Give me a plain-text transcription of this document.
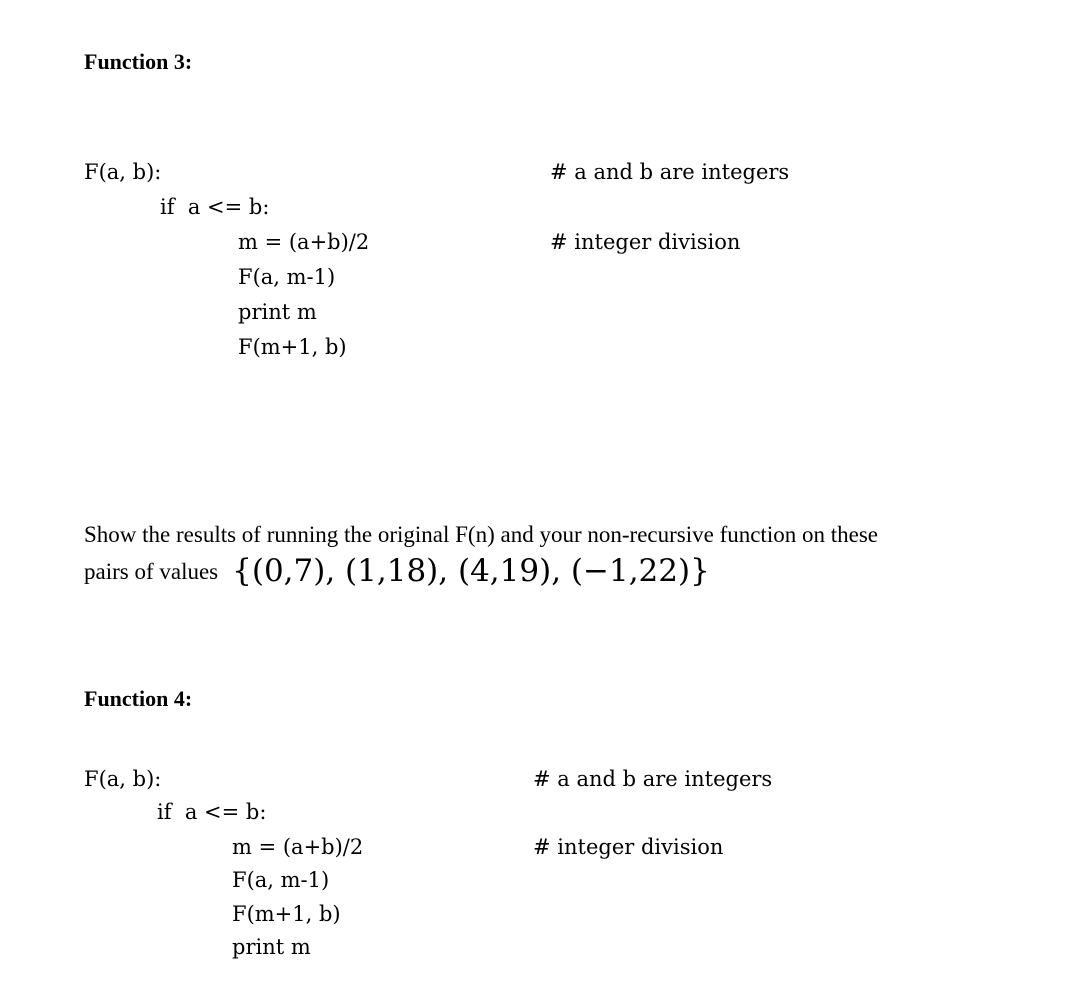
Function 3:
F(a, b):	# a and b are integers
if  a <= b:
m = (a+b)/2	# integer division
F(a, m-1)
print m
F(m+1, b)
Show the results of running the original F(n) and your non-recursive function on these
pairs of values {(0,7), (1,18), (4,19), (−1,22)}
Function 4:
F(a, b):	# a and b are integers
if  a <= b:
m = (a+b)/2	# integer division
F(a, m-1)
F(m+1, b)
print m
